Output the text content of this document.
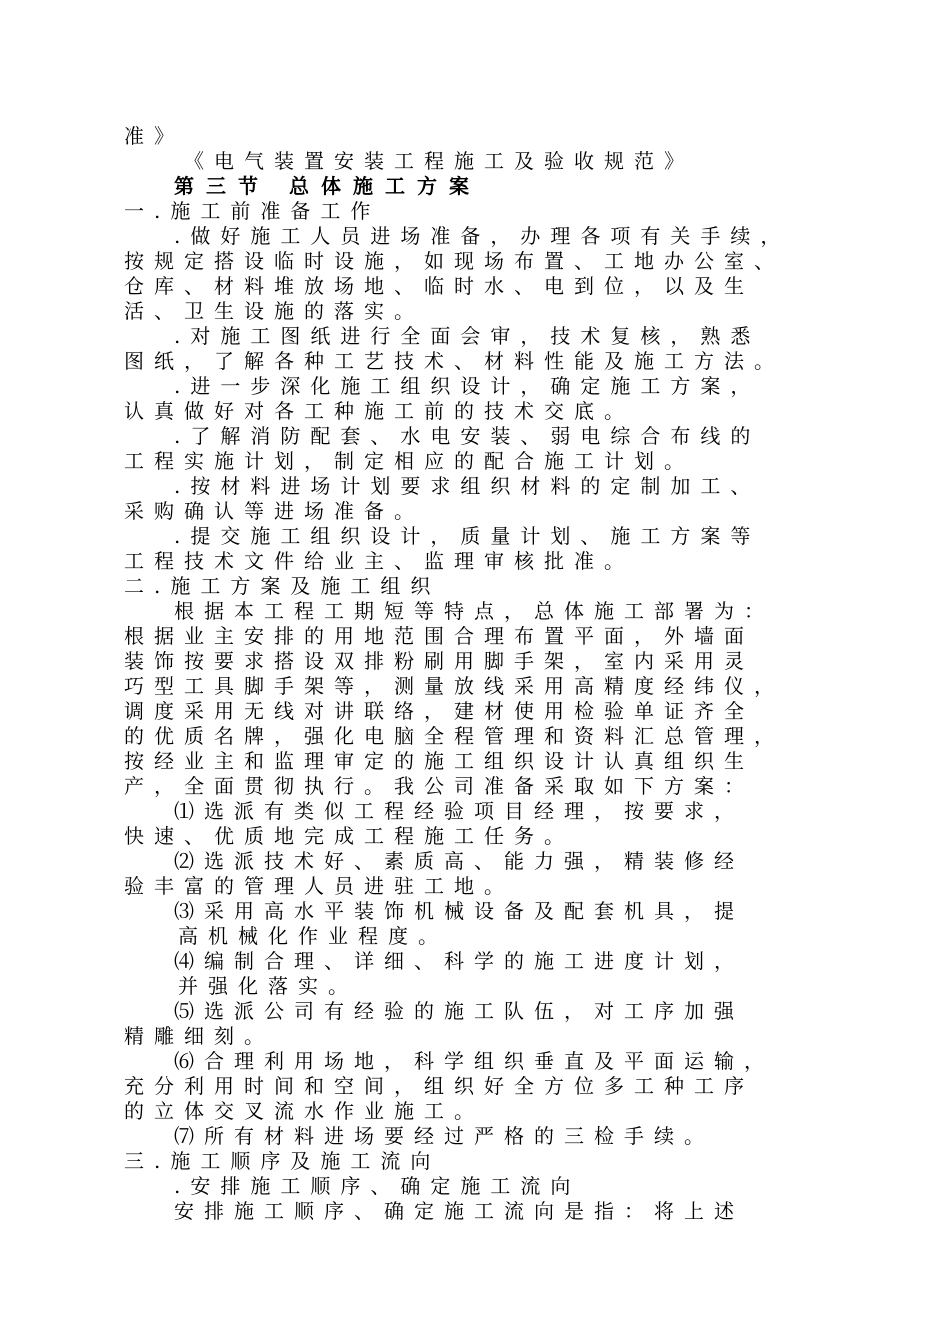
准》
《电气装置安装工程施工及验收规范》
第三节 总体施工方案
一.施工前准备工作
.做好施工人员进场准备，办理各项有关手续，
按规定搭设临时设施，如现场布置、工地办公室、
仓库、材料堆放场地、临时水、电到位，以及生
活、卫生设施的落实。
.对施工图纸进行全面会审，技术复核，熟悉
图纸，了解各种工艺技术、材料性能及施工方法。
.进一步深化施工组织设计，确定施工方案，
认真做好对各工种施工前的技术交底。
.了解消防配套、水电安装、弱电综合布线的
工程实施计划，制定相应的配合施工计划。
.按材料进场计划要求组织材料的定制加工、
采购确认等进场准备。
.提交施工组织设计，质量计划、施工方案等
工程技术文件给业主、监理审核批准。
二.施工方案及施工组织
根据本工程工期短等特点，总体施工部署为：
根据业主安排的用地范围合理布置平面，外墙面
装饰按要求搭设双排粉刷用脚手架，室内采用灵
巧型工具脚手架等，测量放线采用高精度经纬仪，
调度采用无线对讲联络，建材使用检验单证齐全
的优质名牌，强化电脑全程管理和资料汇总管理，
按经业主和监理审定的施工组织设计认真组织生
产，全面贯彻执行。我公司准备采取如下方案：
⑴选派有类似工程经验项目经理，按要求，
快速、优质地完成工程施工任务。
⑵选派技术好、素质高、能力强，精装修经
验丰富的管理人员进驻工地。
⑶采用高水平装饰机械设备及配套机具，提
高机械化作业程度。
⑷编制合理、详细、科学的施工进度计划，
并强化落实。
⑸选派公司有经验的施工队伍，对工序加强
精雕细刻。
⑹合理利用场地，科学组织垂直及平面运输，
充分利用时间和空间，组织好全方位多工种工序
的立体交叉流水作业施工。
⑺所有材料进场要经过严格的三检手续。
三.施工顺序及施工流向
.安排施工顺序、确定施工流向
安排施工顺序、确定施工流向是指：将上述
